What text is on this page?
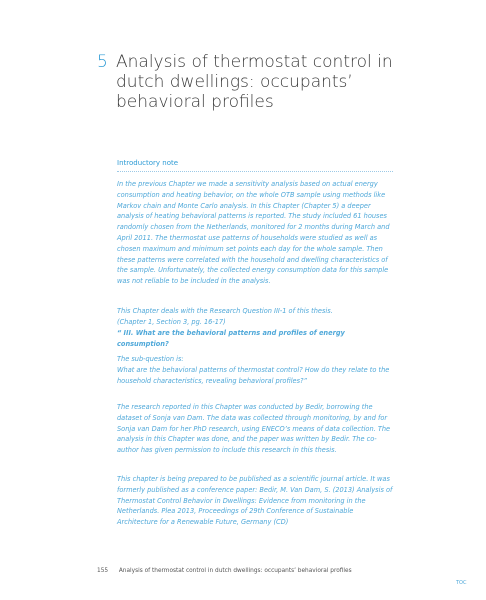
5 Analysis of thermostat control in dutch dwellings: occupants’ behavioral profiles
Introductory note

In the previous Chapter we made a sensitivity analysis based on actual energy consumption and heating behavior, on the whole OTB sample using methods like Markov chain and Monte Carlo analysis. In this Chapter (Chapter 5) a deeper analysis of heating behavioral patterns is reported. The study included 61 houses randomly chosen from the Netherlands, monitored for 2 months during March and April 2011. The thermostat use patterns of households were studied as well as chosen maximum and minimum set points each day for the whole sample. Then these patterns were correlated with the household and dwelling characteristics of the sample. Unfortunately, the collected energy consumption data for this sample was not reliable to be included in the analysis.

This Chapter deals with the Research Question III-1 of this thesis.

(Chapter 1, Section 3, pg. 16-17)

“ III. What are the behavioral patterns and profiles of energy consumption?

The sub-question is:

What are the behavioral patterns of thermostat control? How do they relate to the household characteristics, revealing behavioral profiles?”

The research reported in this Chapter was conducted by Bedir, borrowing the dataset of Sonja van Dam. The data was collected through monitoring, by and for Sonja van Dam for her PhD research, using ENECO’s means of data collection. The analysis in this Chapter was done, and the paper was written by Bedir. The co-author has given permission to include this research in this thesis.

This chapter is being prepared to be published as a scientific journal article. It was formerly published as a conference paper: Bedir, M. Van Dam, S. (2013) Analysis of Thermostat Control Behavior in Dwellings: Evidence from monitoring in the Netherlands. Plea 2013, Proceedings of 29th Conference of Sustainable Architecture for a Renewable Future, Germany (CD)

155 Analysis of thermostat control in dutch dwellings: occupants’ behavioral profiles
TOC
